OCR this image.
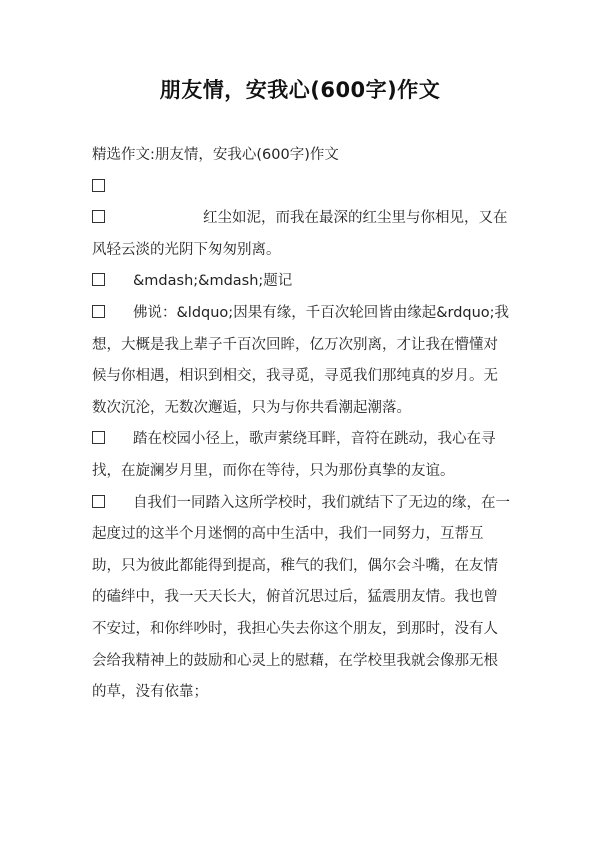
朋友情，安我心(600字)作文

精选作文:朋友情，安我心(600字)作文

红尘如泥，而我在最深的红尘里与你相见，又在风轻云淡的光阴下匆匆别离。

&mdash;&mdash;题记

佛说：&ldquo;因果有缘，千百次轮回皆由缘起&rdquo;我想，大概是我上辈子千百次回眸，亿万次别离，才让我在懵懂对候与你相遇，相识到相交，我寻觅，寻觅我们那纯真的岁月。无数次沉沦，无数次邂逅，只为与你共看潮起潮落。

踏在校园小径上，歌声萦绕耳畔，音符在跳动，我心在寻找，在旋澜岁月里，而你在等待，只为那份真挚的友谊。

自我们一同踏入这所学校时，我们就结下了无边的缘，在一起度过的这半个月迷惘的高中生活中，我们一同努力，互帮互助，只为彼此都能得到提高，稚气的我们，偶尔会斗嘴，在友情的磕绊中，我一天天长大，俯首沉思过后，猛震朋友情。我也曾不安过，和你绊吵时，我担心失去你这个朋友，到那时，没有人会给我精神上的鼓励和心灵上的慰藉，在学校里我就会像那无根的草，没有依靠；
